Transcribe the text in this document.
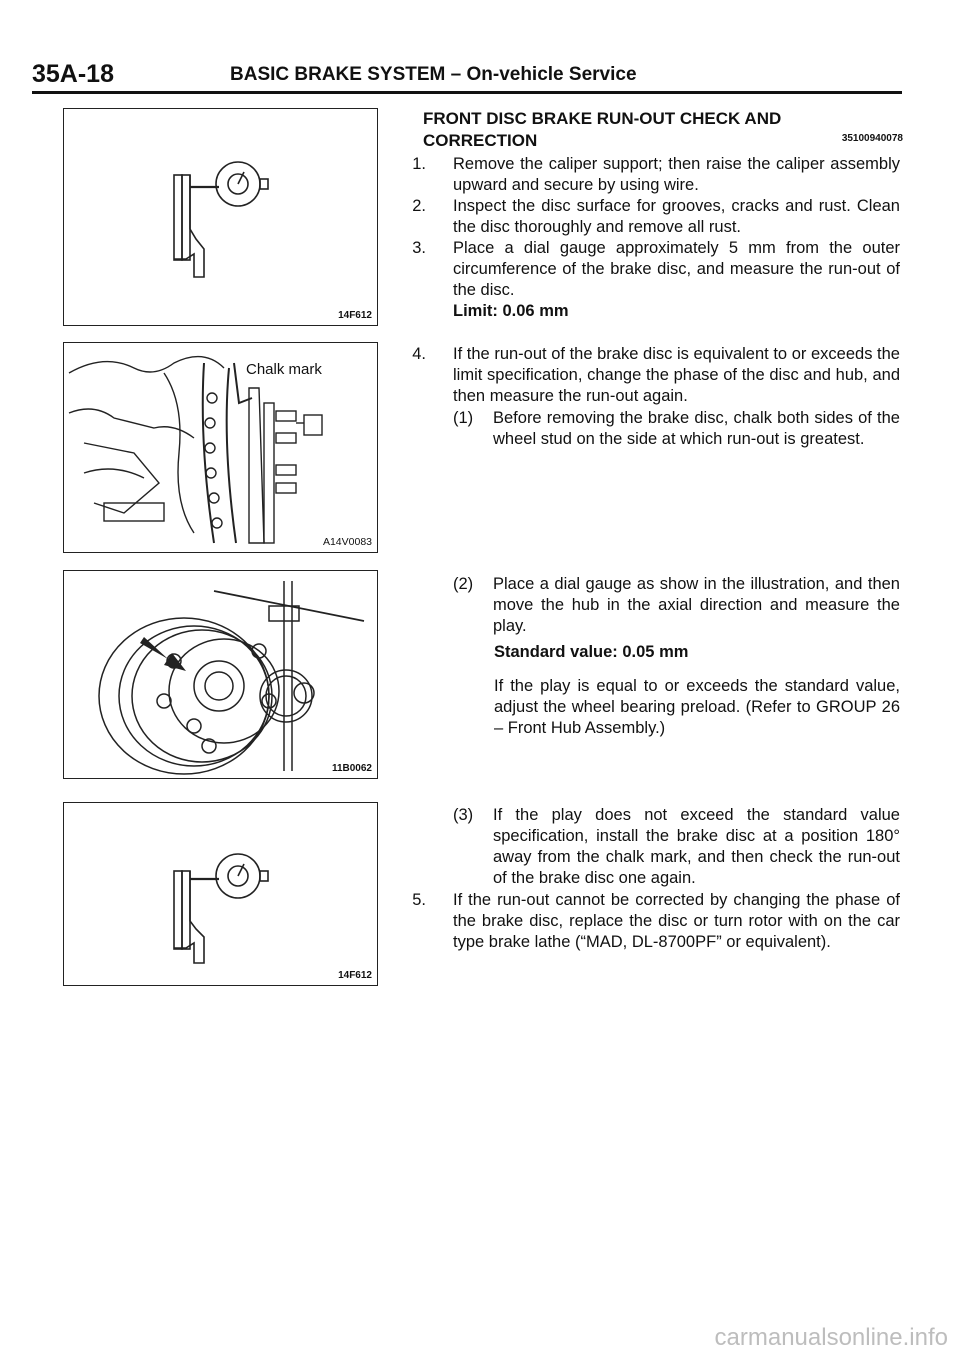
35A-18	BASIC BRAKE SYSTEM – On-vehicle Service
14F612
Chalk mark
A14V0083
11B0062
14F612
FRONT DISC BRAKE RUN-OUT CHECK AND
CORRECTION	35100940078
1. Remove the caliper support; then raise the caliper assembly upward and secure by using wire.
2. Inspect the disc surface for grooves, cracks and rust. Clean the disc thoroughly and remove all rust.
3. Place a dial gauge approximately 5 mm from the outer circumference of the brake disc, and measure the run-out of the disc.
Limit: 0.06 mm
4. If the run-out of the brake disc is equivalent to or exceeds the limit specification, change the phase of the disc and hub, and then measure the run-out again.
(1)	Before removing the brake disc, chalk both sides of the wheel stud on the side at which run-out is greatest.
(2)	Place a dial gauge as show in the illustration, and then move the hub in the axial direction and measure the play.
Standard value: 0.05 mm
If the play is equal to or exceeds the standard value, adjust the wheel bearing preload. (Refer to GROUP 26 – Front Hub Assembly.)
(3)	If the play does not exceed the standard value specification, install the brake disc at a position 180° away from the chalk mark, and then check the run-out of the brake disc one again.
5. If the run-out cannot be corrected by changing the phase of the brake disc, replace the disc or turn rotor with on the car type brake lathe (“MAD, DL-8700PF” or equivalent).
carmanualsonline.info
